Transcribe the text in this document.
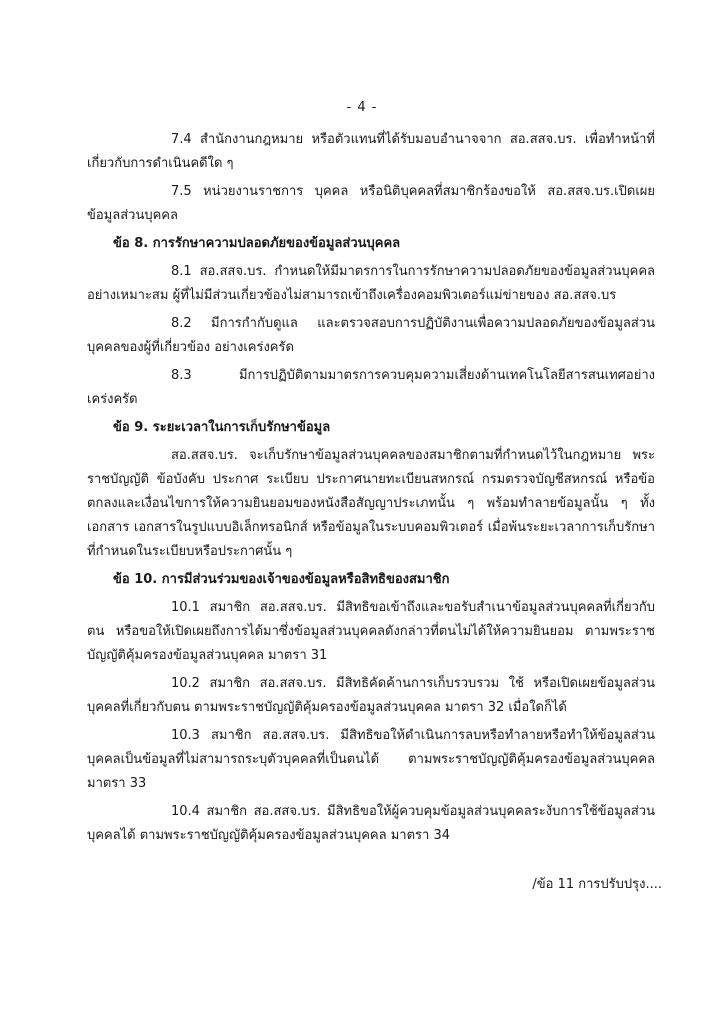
- 4 -

7.4 สำนักงานกฎหมาย หรือตัวแทนที่ได้รับมอบอำนาจจาก สอ.สสจ.บร. เพื่อทำหน้าที่เกี่ยวกับการดำเนินคดีใด ๆ

7.5 หน่วยงานราชการ บุคคล หรือนิติบุคคลที่สมาชิกร้องขอให้ สอ.สสจ.บร.เปิดเผยข้อมูลส่วนบุคคล

ข้อ 8. การรักษาความปลอดภัยของข้อมูลส่วนบุคคล

8.1 สอ.สสจ.บร. กำหนดให้มีมาตรการในการรักษาความปลอดภัยของข้อมูลส่วนบุคคลอย่างเหมาะสม ผู้ที่ไม่มีส่วนเกี่ยวข้องไม่สามารถเข้าถึงเครื่องคอมพิวเตอร์แม่ข่ายของ สอ.สสจ.บร

8.2 มีการกำกับดูแล และตรวจสอบการปฏิบัติงานเพื่อความปลอดภัยของข้อมูลส่วนบุคคลของผู้ที่เกี่ยวข้อง อย่างเคร่งครัด

8.3 มีการปฏิบัติตามมาตรการควบคุมความเสี่ยงด้านเทคโนโลยีสารสนเทศอย่างเคร่งครัด

ข้อ 9. ระยะเวลาในการเก็บรักษาข้อมูล

สอ.สสจ.บร. จะเก็บรักษาข้อมูลส่วนบุคคลของสมาชิกตามที่กำหนดไว้ในกฎหมาย พระราชบัญญัติ ข้อบังคับ ประกาศ ระเบียบ ประกาศนายทะเบียนสหกรณ์ กรมตรวจบัญชีสหกรณ์ หรือข้อตกลงและเงื่อนไขการให้ความยินยอมของหนังสือสัญญาประเภทนั้น ๆ พร้อมทำลายข้อมูลนั้น ๆ ทั้งเอกสาร เอกสารในรูปแบบอิเล็กทรอนิกส์ หรือข้อมูลในระบบคอมพิวเตอร์ เมื่อพ้นระยะเวลาการเก็บรักษาที่กำหนดในระเบียบหรือประกาศนั้น ๆ

ข้อ 10. การมีส่วนร่วมของเจ้าของข้อมูลหรือสิทธิของสมาชิก

10.1 สมาชิก สอ.สสจ.บร. มีสิทธิขอเข้าถึงและขอรับสำเนาข้อมูลส่วนบุคคลที่เกี่ยวกับตน หรือขอให้เปิดเผยถึงการได้มาซึ่งข้อมูลส่วนบุคคลดังกล่าวที่ตนไม่ได้ให้ความยินยอม ตามพระราชบัญญัติคุ้มครองข้อมูลส่วนบุคคล มาตรา 31

10.2 สมาชิก สอ.สสจ.บร. มีสิทธิคัดค้านการเก็บรวบรวม ใช้ หรือเปิดเผยข้อมูลส่วนบุคคลที่เกี่ยวกับตน ตามพระราชบัญญัติคุ้มครองข้อมูลส่วนบุคคล มาตรา 32 เมื่อใดก็ได้

10.3 สมาชิก สอ.สสจ.บร. มีสิทธิขอให้ดำเนินการลบหรือทำลายหรือทำให้ข้อมูลส่วนบุคคลเป็นข้อมูลที่ไม่สามารถระบุตัวบุคคลที่เป็นตนได้ ตามพระราชบัญญัติคุ้มครองข้อมูลส่วนบุคคล มาตรา 33

10.4 สมาชิก สอ.สสจ.บร. มีสิทธิขอให้ผู้ควบคุมข้อมูลส่วนบุคคลระงับการใช้ข้อมูลส่วนบุคคลได้ ตามพระราชบัญญัติคุ้มครองข้อมูลส่วนบุคคล มาตรา 34

/ข้อ 11 การปรับปรุง....
